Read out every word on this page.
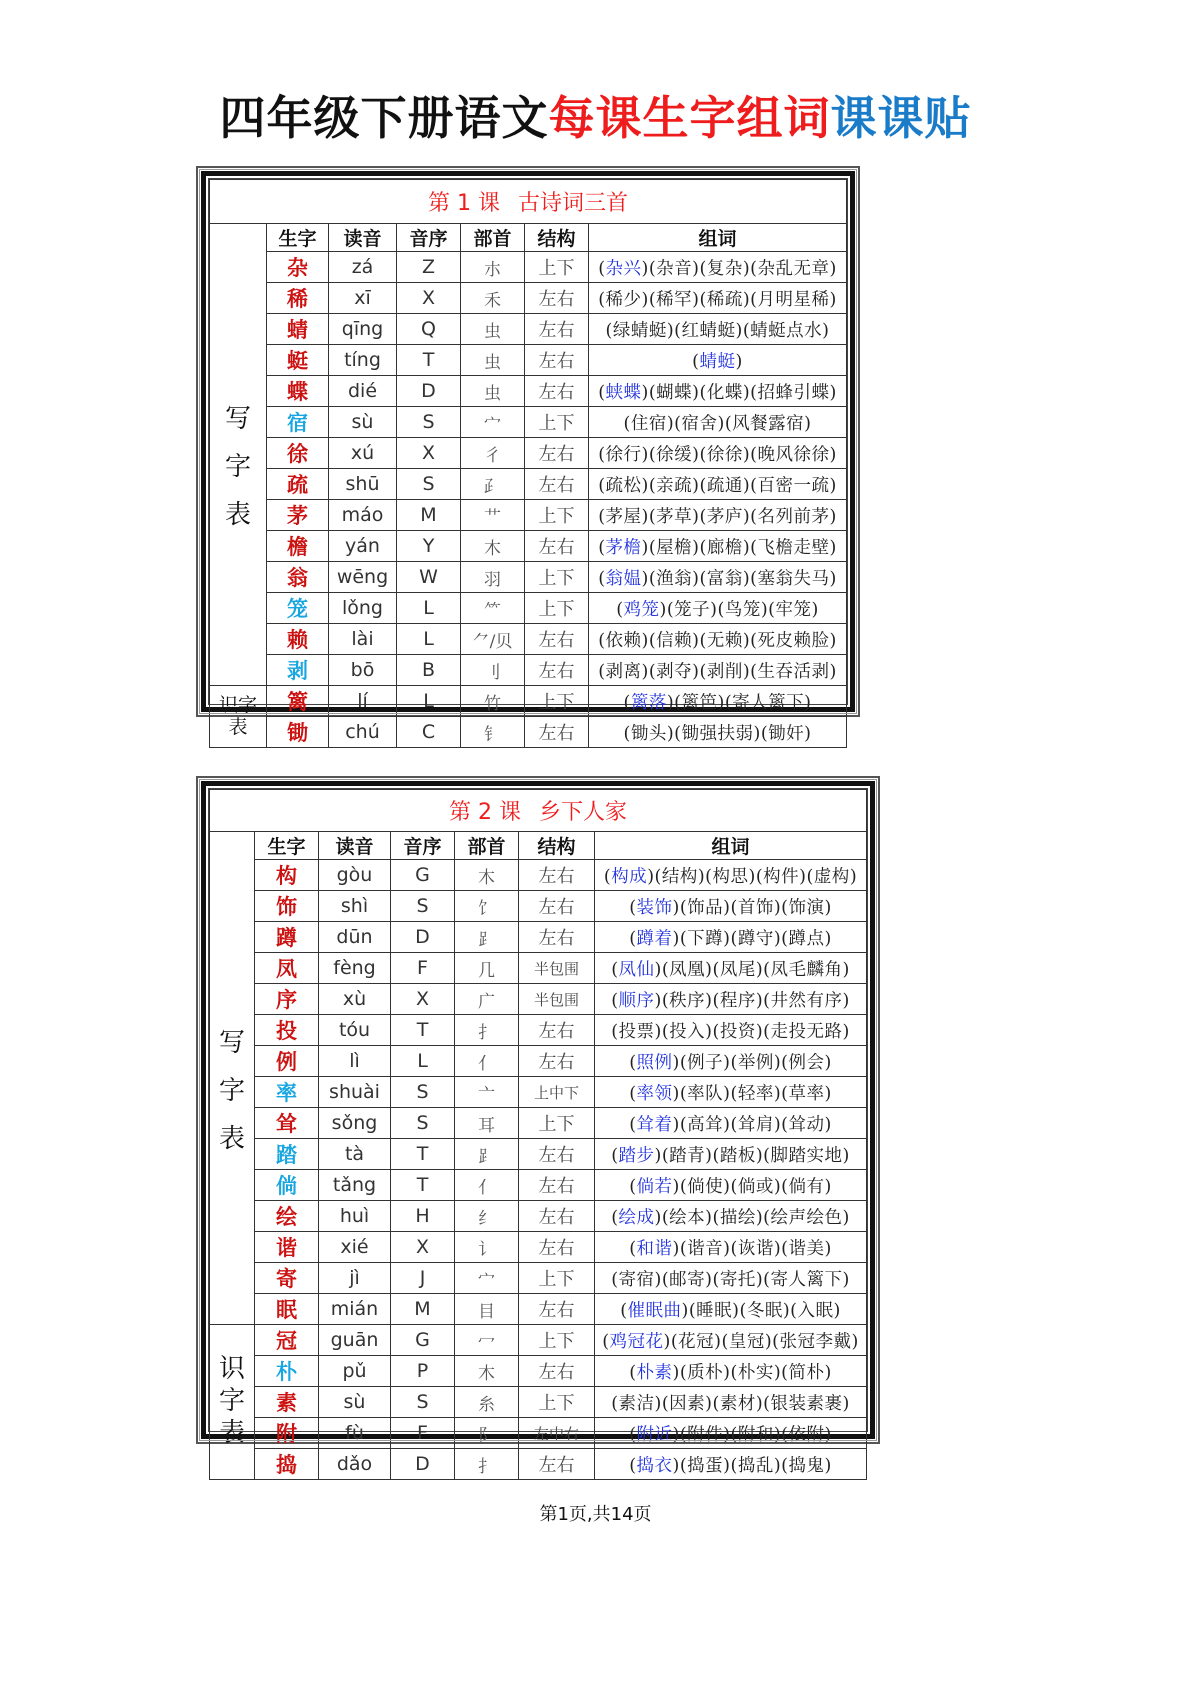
四年级下册语文每课生字组词课课贴
第 1 课 古诗词三首						
	生字	读音	音序	部首	结构	组词

写
字
表	杂	zá	Z	朩	上下	(杂兴)(杂音)(复杂)(杂乱无章)
	稀	xī	X	禾	左右	(稀少)(稀罕)(稀疏)(月明星稀)
	蜻	qīng	Q	虫	左右	(绿蜻蜓)(红蜻蜓)(蜻蜓点水)
	蜓	tíng	T	虫	左右	(蜻蜓)
	蝶	dié	D	虫	左右	(蛱蝶)(蝴蝶)(化蝶)(招蜂引蝶)
	宿	sù	S	宀	上下	(住宿)(宿舍)(风餐露宿)
	徐	xú	X	彳	左右	(徐行)(徐缓)(徐徐)(晚风徐徐)
	疏	shū	S	⺪	左右	(疏松)(亲疏)(疏通)(百密一疏)
	茅	máo	M	艹	上下	(茅屋)(茅草)(茅庐)(名列前茅)
	檐	yán	Y	木	左右	(茅檐)(屋檐)(廊檐)(飞檐走壁)
	翁	wēng	W	羽	上下	(翁媪)(渔翁)(富翁)(塞翁失马)
	笼	lǒng	L	⺮	上下	(鸡笼)(笼子)(鸟笼)(牢笼)
	赖	lài	L	⺈/贝	左右	(依赖)(信赖)(无赖)(死皮赖脸)
	剥	bō	B	刂	左右	(剥离)(剥夺)(剥削)(生吞活剥)

识字
表	篱	lí	L	竹	上下	(篱落)(篱笆)(寄人篱下)
	锄	chú	C	钅	左右	(锄头)(锄强扶弱)(锄奸)
第 2 课 乡下人家						
	生字	读音	音序	部首	结构	组词

写
字
表	构	gòu	G	木	左右	(构成)(结构)(构思)(构件)(虚构)
	饰	shì	S	饣	左右	(装饰)(饰品)(首饰)(饰演)
	蹲	dūn	D	⻊	左右	(蹲着)(下蹲)(蹲守)(蹲点)
	凤	fèng	F	几	半包围	(凤仙)(凤凰)(凤尾)(凤毛麟角)
	序	xù	X	广	半包围	(顺序)(秩序)(程序)(井然有序)
	投	tóu	T	扌	左右	(投票)(投入)(投资)(走投无路)
	例	lì	L	亻	左右	(照例)(例子)(举例)(例会)
	率	shuài	S	亠	上中下	(率领)(率队)(轻率)(草率)
	耸	sǒng	S	耳	上下	(耸着)(高耸)(耸肩)(耸动)
	踏	tà	T	⻊	左右	(踏步)(踏青)(踏板)(脚踏实地)
	倘	tǎng	T	亻	左右	(倘若)(倘使)(倘或)(倘有)
	绘	huì	H	纟	左右	(绘成)(绘本)(描绘)(绘声绘色)
	谐	xié	X	讠	左右	(和谐)(谐音)(诙谐)(谐美)
	寄	jì	J	宀	上下	(寄宿)(邮寄)(寄托)(寄人篱下)
	眠	mián	M	目	左右	(催眠曲)(睡眠)(冬眠)(入眠)

识
字
表	冠	guān	G	冖	上下	(鸡冠花)(花冠)(皇冠)(张冠李戴)
	朴	pǔ	P	木	左右	(朴素)(质朴)(朴实)(简朴)
	素	sù	S	糸	上下	(素洁)(因素)(素材)(银装素裹)
	附	fù	F	阝	左中右	(附近)(附件)(附和)(依附)
	捣	dǎo	D	扌	左右	(捣衣)(捣蛋)(捣乱)(捣鬼)
第1页,共14页
